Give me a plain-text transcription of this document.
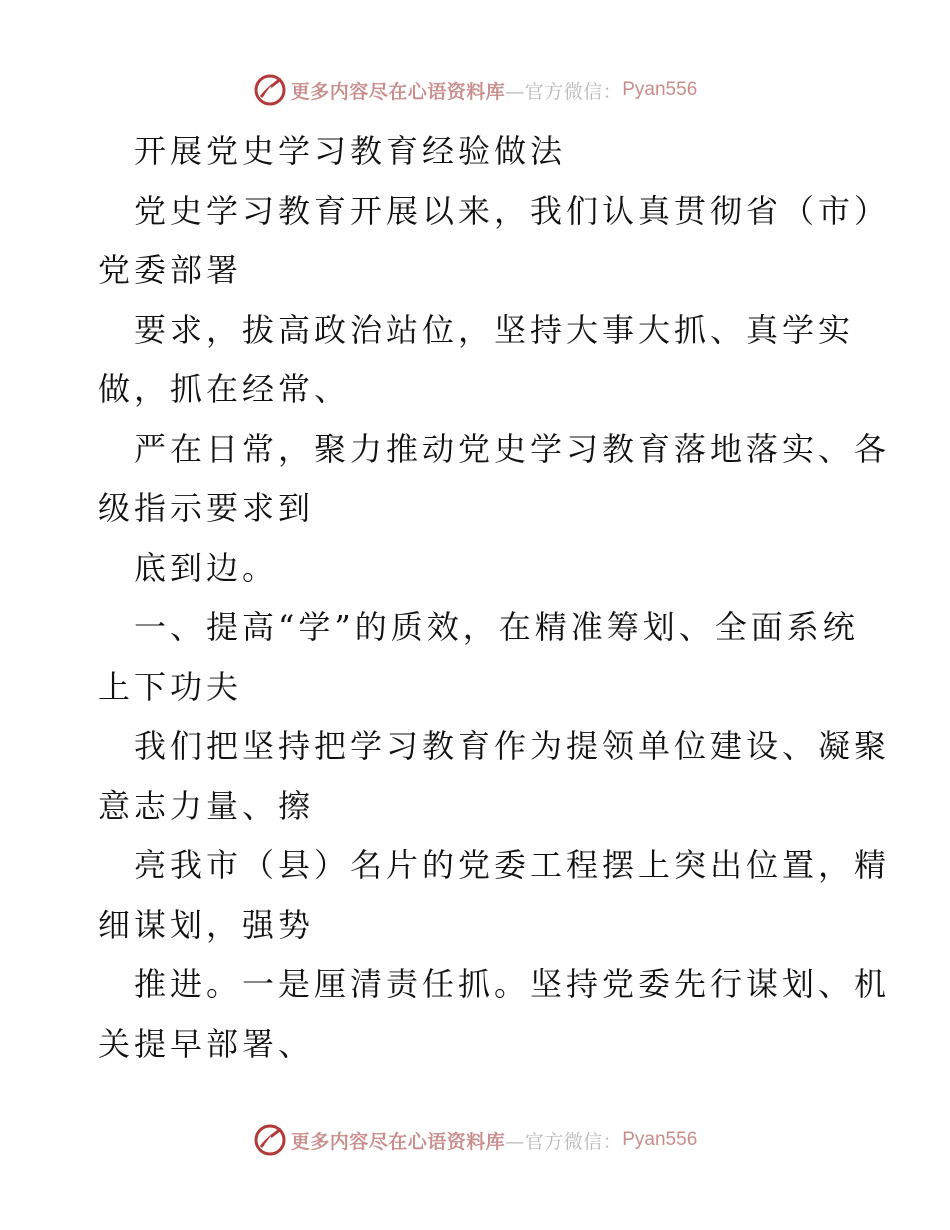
更多内容尽在心语资料库 —官方微信： Pyan556
开展党史学习教育经验做法
党史学习教育开展以来，我们认真贯彻省（市）
党委部署
要求，拔高政治站位，坚持大事大抓、真学实
做，抓在经常、
严在日常，聚力推动党史学习教育落地落实、各
级指示要求到
底到边。
一、提高“学”的质效，在精准筹划、全面系统
上下功夫
我们把坚持把学习教育作为提领单位建设、凝聚
意志力量、擦
亮我市（县）名片的党委工程摆上突出位置，精
细谋划，强势
推进。一是厘清责任抓。坚持党委先行谋划、机
关提早部署、
更多内容尽在心语资料库 —官方微信： Pyan556
